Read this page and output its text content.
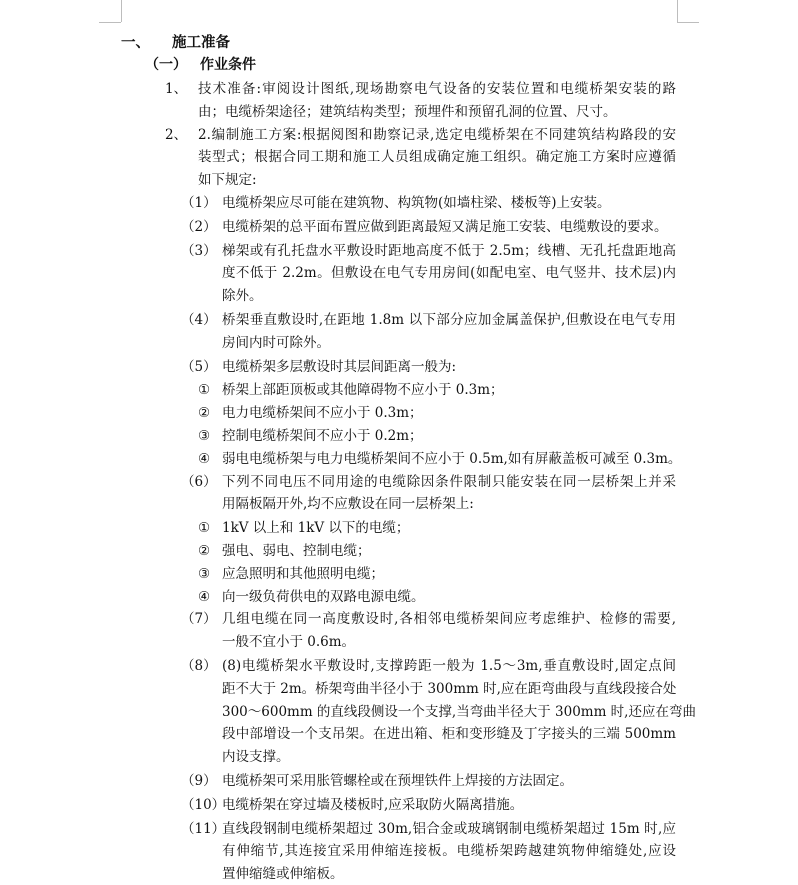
一、 施工准备
（一） 作业条件
1、 技术准备:审阅设计图纸,现场勘察电气设备的安装位置和电缆桥架安装的路
由；电缆桥架途径；建筑结构类型；预埋件和预留孔洞的位置、尺寸。
2、 2.编制施工方案:根据阅图和勘察记录,选定电缆桥架在不同建筑结构路段的安
装型式；根据合同工期和施工人员组成确定施工组织。确定施工方案时应遵循
如下规定:
（1） 电缆桥架应尽可能在建筑物、构筑物(如墙柱梁、楼板等)上安装。
（2） 电缆桥架的总平面布置应做到距离最短又满足施工安装、电缆敷设的要求。
（3） 梯架或有孔托盘水平敷设时距地高度不低于 2.5m；线槽、无孔托盘距地高
度不低于 2.2m。但敷设在电气专用房间(如配电室、电气竖井、技术层)内
除外。
（4） 桥架垂直敷设时,在距地 1.8m 以下部分应加金属盖保护,但敷设在电气专用
房间内时可除外。
（5） 电缆桥架多层敷设时其层间距离一般为:
① 桥架上部距顶板或其他障碍物不应小于 0.3m；
② 电力电缆桥架间不应小于 0.3m；
③ 控制电缆桥架间不应小于 0.2m；
④ 弱电电缆桥架与电力电缆桥架间不应小于 0.5m,如有屏蔽盖板可减至 0.3m。
（6） 下列不同电压不同用途的电缆除因条件限制只能安装在同一层桥架上并采
用隔板隔开外,均不应敷设在同一层桥架上:
① 1kV 以上和 1kV 以下的电缆；
② 强电、弱电、控制电缆；
③ 应急照明和其他照明电缆；
④ 向一级负荷供电的双路电源电缆。
（7） 几组电缆在同一高度敷设时,各相邻电缆桥架间应考虑维护、检修的需要,
一般不宜小于 0.6m。
（8） (8)电缆桥架水平敷设时,支撑跨距一般为 1.5～3m,垂直敷设时,固定点间
距不大于 2m。桥架弯曲半径小于 300mm 时,应在距弯曲段与直线段接合处
300～600mm 的直线段侧设一个支撑,当弯曲半径大于 300mm 时,还应在弯曲
段中部增设一个支吊架。在进出箱、柜和变形缝及丁字接头的三端 500mm
内设支撑。
（9） 电缆桥架可采用胀管螺栓或在预埋铁件上焊接的方法固定。
（10）
电缆桥架在穿过墙及楼板时,应采取防火隔离措施。
（11）
直线段钢制电缆桥架超过 30m,铝合金或玻璃钢制电缆桥架超过 15m 时,应
有伸缩节,其连接宜采用伸缩连接板。电缆桥架跨越建筑物伸缩缝处,应设
置伸缩缝或伸缩板。
